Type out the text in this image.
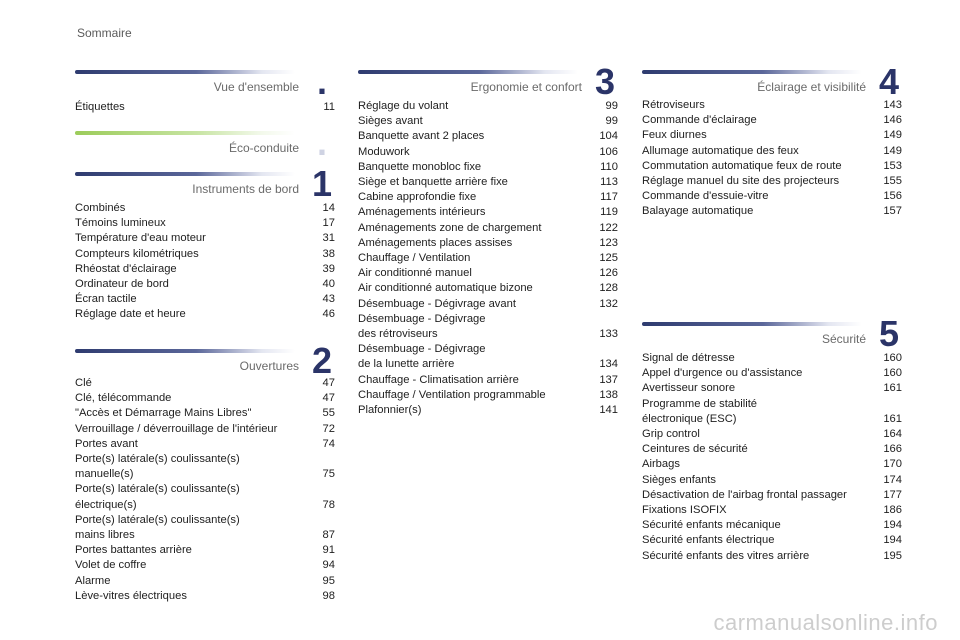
Sommaire
Vue d'ensemble .
Étiquettes	11
Éco-conduite .
Instruments de bord 1
Combinés	14
Témoins lumineux	17
Température d'eau moteur	31
Compteurs kilométriques	38
Rhéostat d'éclairage	39
Ordinateur de bord	40
Écran tactile	43
Réglage date et heure	46
Ouvertures 2
Clé	47
Clé, télécommande	47
"Accès et Démarrage Mains Libres"	55
Verrouillage / déverrouillage de l'intérieur	72
Portes avant	74
Porte(s) latérale(s) coulissante(s)
manuelle(s)	75
Porte(s) latérale(s) coulissante(s)
électrique(s)	78
Porte(s) latérale(s) coulissante(s)
mains libres	87
Portes battantes arrière	91
Volet de coffre	94
Alarme	95
Lève-vitres électriques	98
Ergonomie et confort 3
Réglage du volant	99
Sièges avant	99
Banquette avant 2 places	104
Moduwork	106
Banquette monobloc fixe	110
Siège et banquette arrière fixe	113
Cabine approfondie fixe	117
Aménagements intérieurs	119
Aménagements zone de chargement	122
Aménagements places assises	123
Chauffage / Ventilation	125
Air conditionné manuel	126
Air conditionné automatique bizone	128
Désembuage - Dégivrage avant	132
Désembuage - Dégivrage
des rétroviseurs	133
Désembuage - Dégivrage
de la lunette arrière	134
Chauffage - Climatisation arrière	137
Chauffage / Ventilation programmable	138
Plafonnier(s)	141
Éclairage et visibilité 4
Rétroviseurs	143
Commande d'éclairage	146
Feux diurnes	149
Allumage automatique des feux	149
Commutation automatique feux de route	153
Réglage manuel du site des projecteurs	155
Commande d'essuie-vitre	156
Balayage automatique	157
Sécurité 5
Signal de détresse	160
Appel d'urgence ou d'assistance	160
Avertisseur sonore	161
Programme de stabilité
électronique (ESC)	161
Grip control	164
Ceintures de sécurité	166
Airbags	170
Sièges enfants	174
Désactivation de l'airbag frontal passager	177
Fixations ISOFIX	186
Sécurité enfants mécanique	194
Sécurité enfants électrique	194
Sécurité enfants des vitres arrière	195
carmanualsonline.info
